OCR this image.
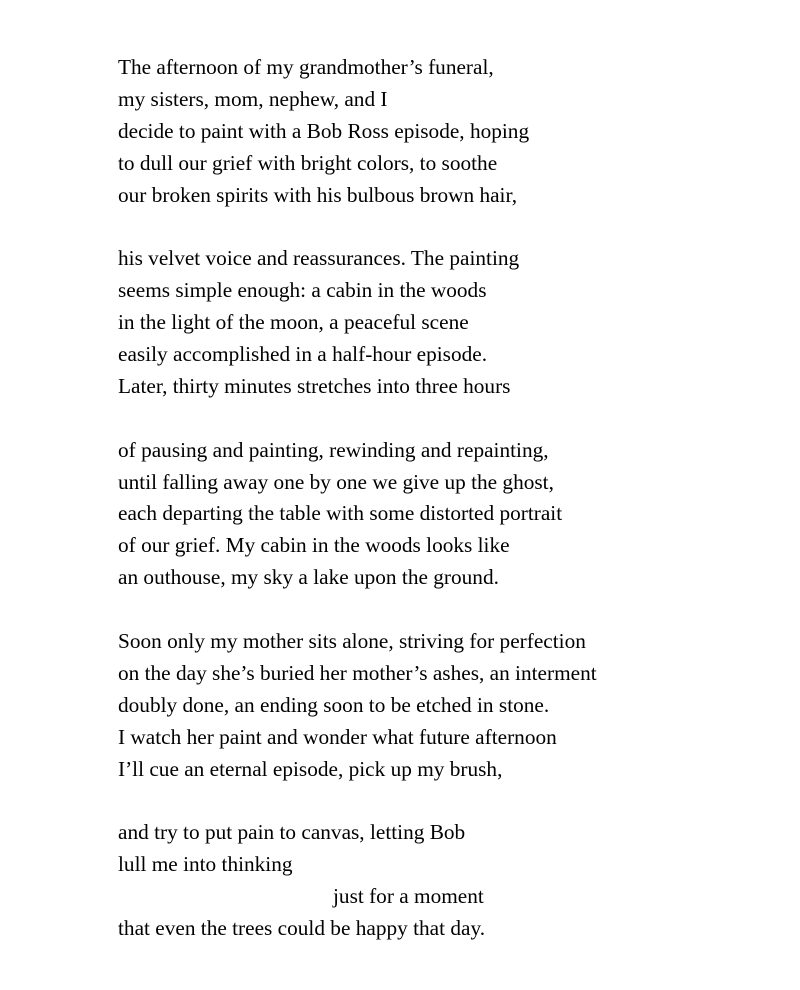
The afternoon of my grandmother’s funeral,
my sisters, mom, nephew, and I
decide to paint with a Bob Ross episode, hoping
to dull our grief with bright colors, to soothe
our broken spirits with his bulbous brown hair,
his velvet voice and reassurances. The painting
seems simple enough: a cabin in the woods
in the light of the moon, a peaceful scene
easily accomplished in a half-hour episode.
Later, thirty minutes stretches into three hours
of pausing and painting, rewinding and repainting,
until falling away one by one we give up the ghost,
each departing the table with some distorted portrait
of our grief. My cabin in the woods looks like
an outhouse, my sky a lake upon the ground.
Soon only my mother sits alone, striving for perfection
on the day she’s buried her mother’s ashes, an interment
doubly done, an ending soon to be etched in stone.
I watch her paint and wonder what future afternoon
I’ll cue an eternal episode, pick up my brush,
and try to put pain to canvas, letting Bob
lull me into thinking
just for a moment
that even the trees could be happy that day.
